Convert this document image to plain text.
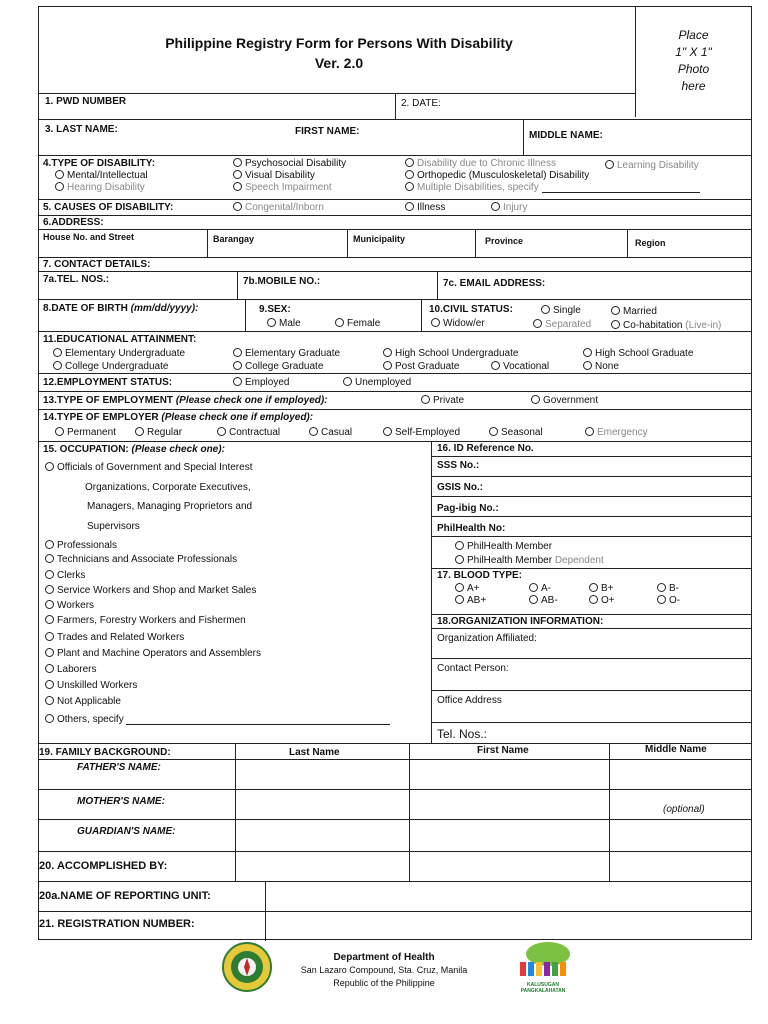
Philippine Registry Form for Persons With Disability
Ver. 2.0
Place
1" X 1"
Photo
here
1. PWD NUMBER	2. DATE:
3. LAST NAME:	FIRST NAME:	MIDDLE NAME:
4.TYPE OF DISABILITY:
Mental/Intellectual
Hearing Disability
Psychosocial Disability
Visual Disability
Speech Impairment
Disability due to Chronic Illness
Orthopedic (Musculoskeletal) Disability
Multiple Disabilities, specify
Learning Disability
5. CAUSES OF DISABILITY:	Congenital/Inborn	Illness	Injury
6.ADDRESS:
House No. and Street	Barangay	Municipality	Province	Region
7. CONTACT DETAILS:
7a.TEL. NOS.:	7b.MOBILE NO.:	7c. EMAIL ADDRESS:
8.DATE OF BIRTH (mm/dd/yyyy):	9.SEX:
Male	Female
10.CIVIL STATUS:	Single	Married
Widow/er	Separated	Co-habitation (Live-in)
11.EDUCATIONAL ATTAINMENT:
Elementary Undergraduate	Elementary Graduate	High School Undergraduate	High School Graduate
College Undergraduate	College Graduate	Post Graduate	Vocational	None
12.EMPLOYMENT STATUS:	Employed	Unemployed
13.TYPE OF EMPLOYMENT (Please check one if employed):	Private	Government
14.TYPE OF EMPLOYER (Please check one if employed):
Permanent	Regular	Contractual	Casual	Self-Employed	Seasonal	Emergency
15. OCCUPATION: (Please check one):
Officials of Government and Special Interest
Organizations, Corporate Executives,
Managers, Managing Proprietors and
Supervisors
Professionals
Technicians and Associate Professionals
Clerks
Service Workers and Shop and Market Sales
Workers
Farmers, Forestry Workers and Fishermen
Trades and Related Workers
Plant and Machine Operators and Assemblers
Laborers
Unskilled Workers
Not Applicable
Others, specify
16. ID Reference No.
SSS No.:
GSIS No.:
Pag-ibig No.:
PhilHealth No:
PhilHealth Member
PhilHealth Member Dependent
17. BLOOD TYPE:
A+	A-	B+	B-
AB+	AB-	O+	O-
18.ORGANIZATION INFORMATION:
Organization Affiliated:
Contact Person:
Office Address
Tel. Nos.:
19. FAMILY BACKGROUND:	Last Name	First Name	Middle Name
FATHER'S NAME:
MOTHER'S NAME:
(optional)
GUARDIAN'S NAME:
20. ACCOMPLISHED BY:
20a.NAME OF REPORTING UNIT:
21. REGISTRATION NUMBER:
Department of Health
San Lazaro Compound, Sta. Cruz, Manila
Republic of the Philippine	KALUSUGAN PANGKALAHATAN
